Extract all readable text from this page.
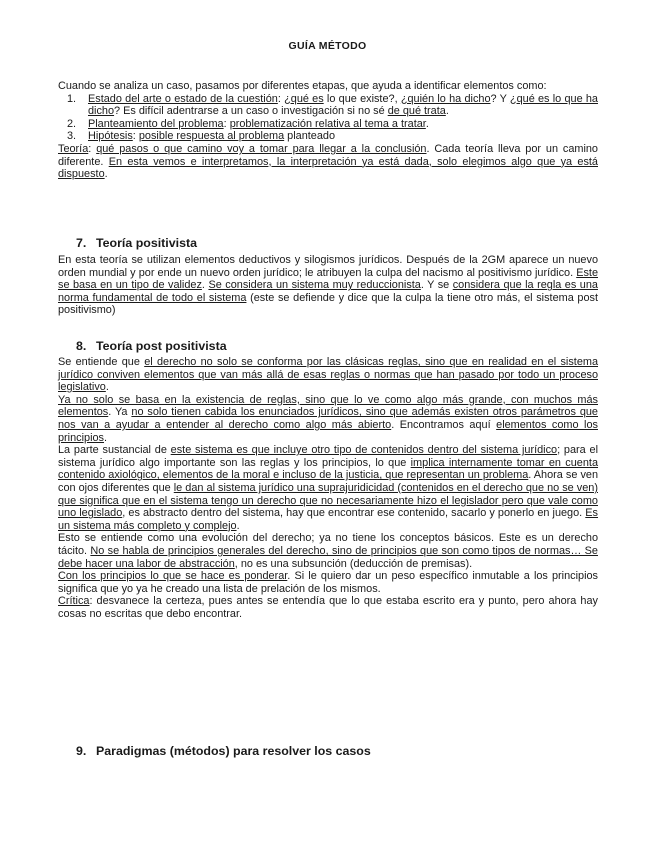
GUÍA MÉTODO
Cuando se analiza un caso, pasamos por diferentes etapas, que ayuda a identificar elementos como:
1. Estado del arte o estado de la cuestión: ¿qué es lo que existe?, ¿quién lo ha dicho? Y ¿qué es lo que ha dicho? Es difícil adentrarse a un caso o investigación si no sé de qué trata.
2. Planteamiento del problema: problematización relativa al tema a tratar.
3. Hipótesis: posible respuesta al problema planteado
Teoría: qué pasos o que camino voy a tomar para llegar a la conclusión. Cada teoría lleva por un camino diferente. En esta vemos e interpretamos, la interpretación ya está dada, solo elegimos algo que ya está dispuesto.
7. Teoría positivista
En esta teoría se utilizan elementos deductivos y silogismos jurídicos. Después de la 2GM aparece un nuevo orden mundial y por ende un nuevo orden jurídico; le atribuyen la culpa del nacismo al positivismo jurídico. Este se basa en un tipo de validez. Se considera un sistema muy reduccionista. Y se considera que la regla es una norma fundamental de todo el sistema (este se defiende y dice que la culpa la tiene otro más, el sistema post positivismo)
8. Teoría post positivista
Se entiende que el derecho no solo se conforma por las clásicas reglas, sino que en realidad en el sistema jurídico conviven elementos que van más allá de esas reglas o normas que han pasado por todo un proceso legislativo.
Ya no solo se basa en la existencia de reglas, sino que lo ve como algo más grande, con muchos más elementos. Ya no solo tienen cabida los enunciados jurídicos, sino que además existen otros parámetros que nos van a ayudar a entender al derecho como algo más abierto. Encontramos aquí elementos como los principios.
La parte sustancial de este sistema es que incluye otro tipo de contenidos dentro del sistema jurídico; para el sistema jurídico algo importante son las reglas y los principios, lo que implica internamente tomar en cuenta contenido axiológico, elementos de la moral e incluso de la justicia, que representan un problema. Ahora se ven con ojos diferentes que le dan al sistema jurídico una suprajuridicidad (contenidos en el derecho que no se ven) que significa que en el sistema tengo un derecho que no necesariamente hizo el legislador pero que vale como uno legislado, es abstracto dentro del sistema, hay que encontrar ese contenido, sacarlo y ponerlo en juego. Es un sistema más completo y complejo.
Esto se entiende como una evolución del derecho; ya no tiene los conceptos básicos. Este es un derecho tácito. No se habla de principios generales del derecho, sino de principios que son como tipos de normas… Se debe hacer una labor de abstracción, no es una subsunción (deducción de premisas).
Con los principios lo que se hace es ponderar. Si le quiero dar un peso específico inmutable a los principios significa que yo ya he creado una lista de prelación de los mismos.
Crítica: desvanece la certeza, pues antes se entendía que lo que estaba escrito era y punto, pero ahora hay cosas no escritas que debo encontrar.
9. Paradigmas (métodos) para resolver los casos
